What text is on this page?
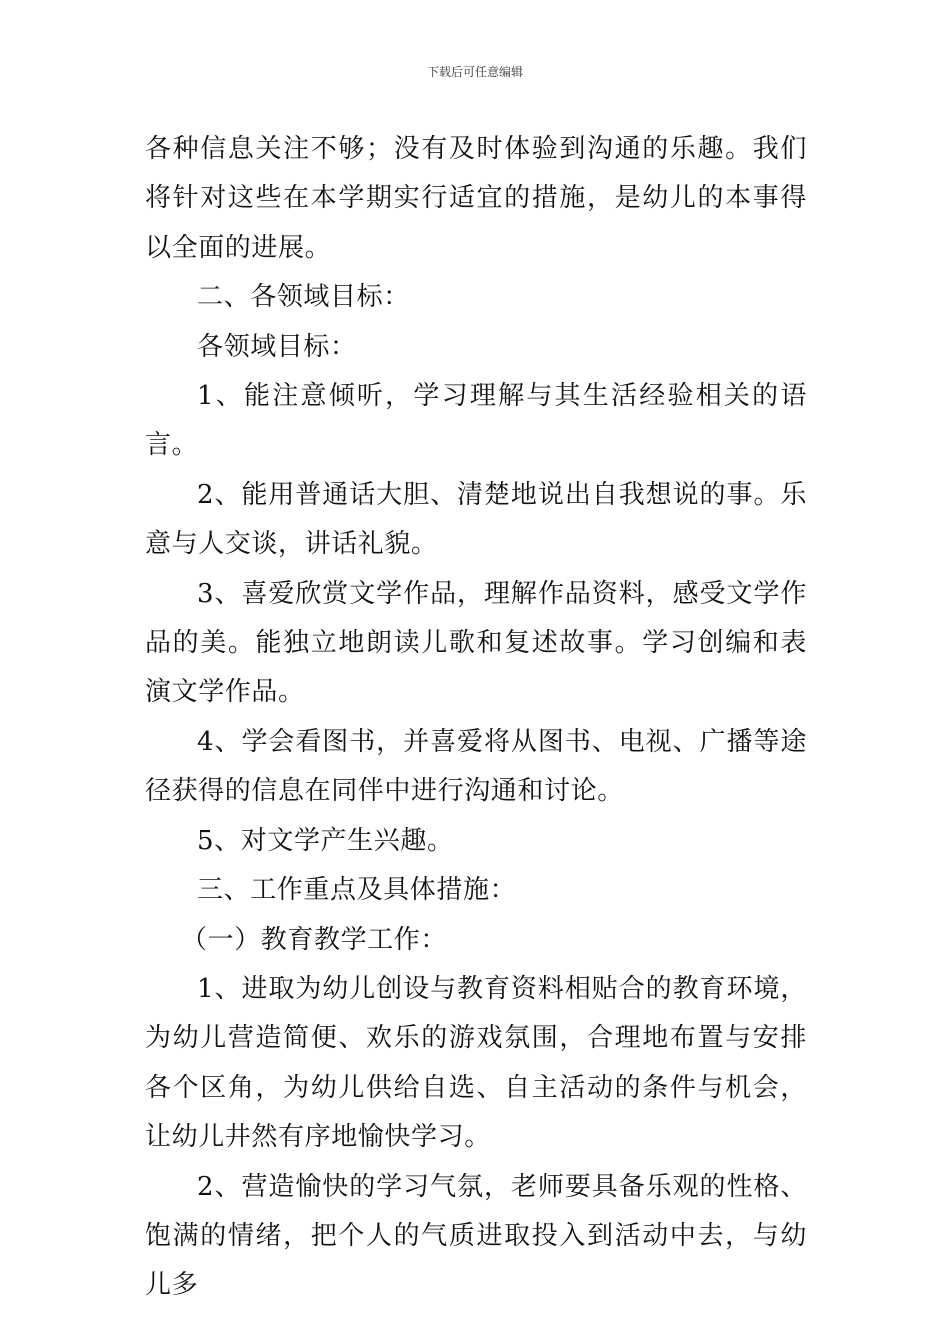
下载后可任意编辑

各种信息关注不够；没有及时体验到沟通的乐趣。我们将针对这些在本学期实行适宜的措施，是幼儿的本事得以全面的进展。

二、各领域目标：

各领域目标：

1、能注意倾听，学习理解与其生活经验相关的语言。

2、能用普通话大胆、清楚地说出自我想说的事。乐意与人交谈，讲话礼貌。

3、喜爱欣赏文学作品，理解作品资料，感受文学作品的美。能独立地朗读儿歌和复述故事。学习创编和表演文学作品。

4、学会看图书，并喜爱将从图书、电视、广播等途径获得的信息在同伴中进行沟通和讨论。

5、对文学产生兴趣。

三、工作重点及具体措施：

（一）教育教学工作：

1、进取为幼儿创设与教育资料相贴合的教育环境，为幼儿营造简便、欢乐的游戏氛围，合理地布置与安排各个区角，为幼儿供给自选、自主活动的条件与机会，让幼儿井然有序地愉快学习。

2、营造愉快的学习气氛，老师要具备乐观的性格、饱满的情绪，把个人的气质进取投入到活动中去，与幼儿多
